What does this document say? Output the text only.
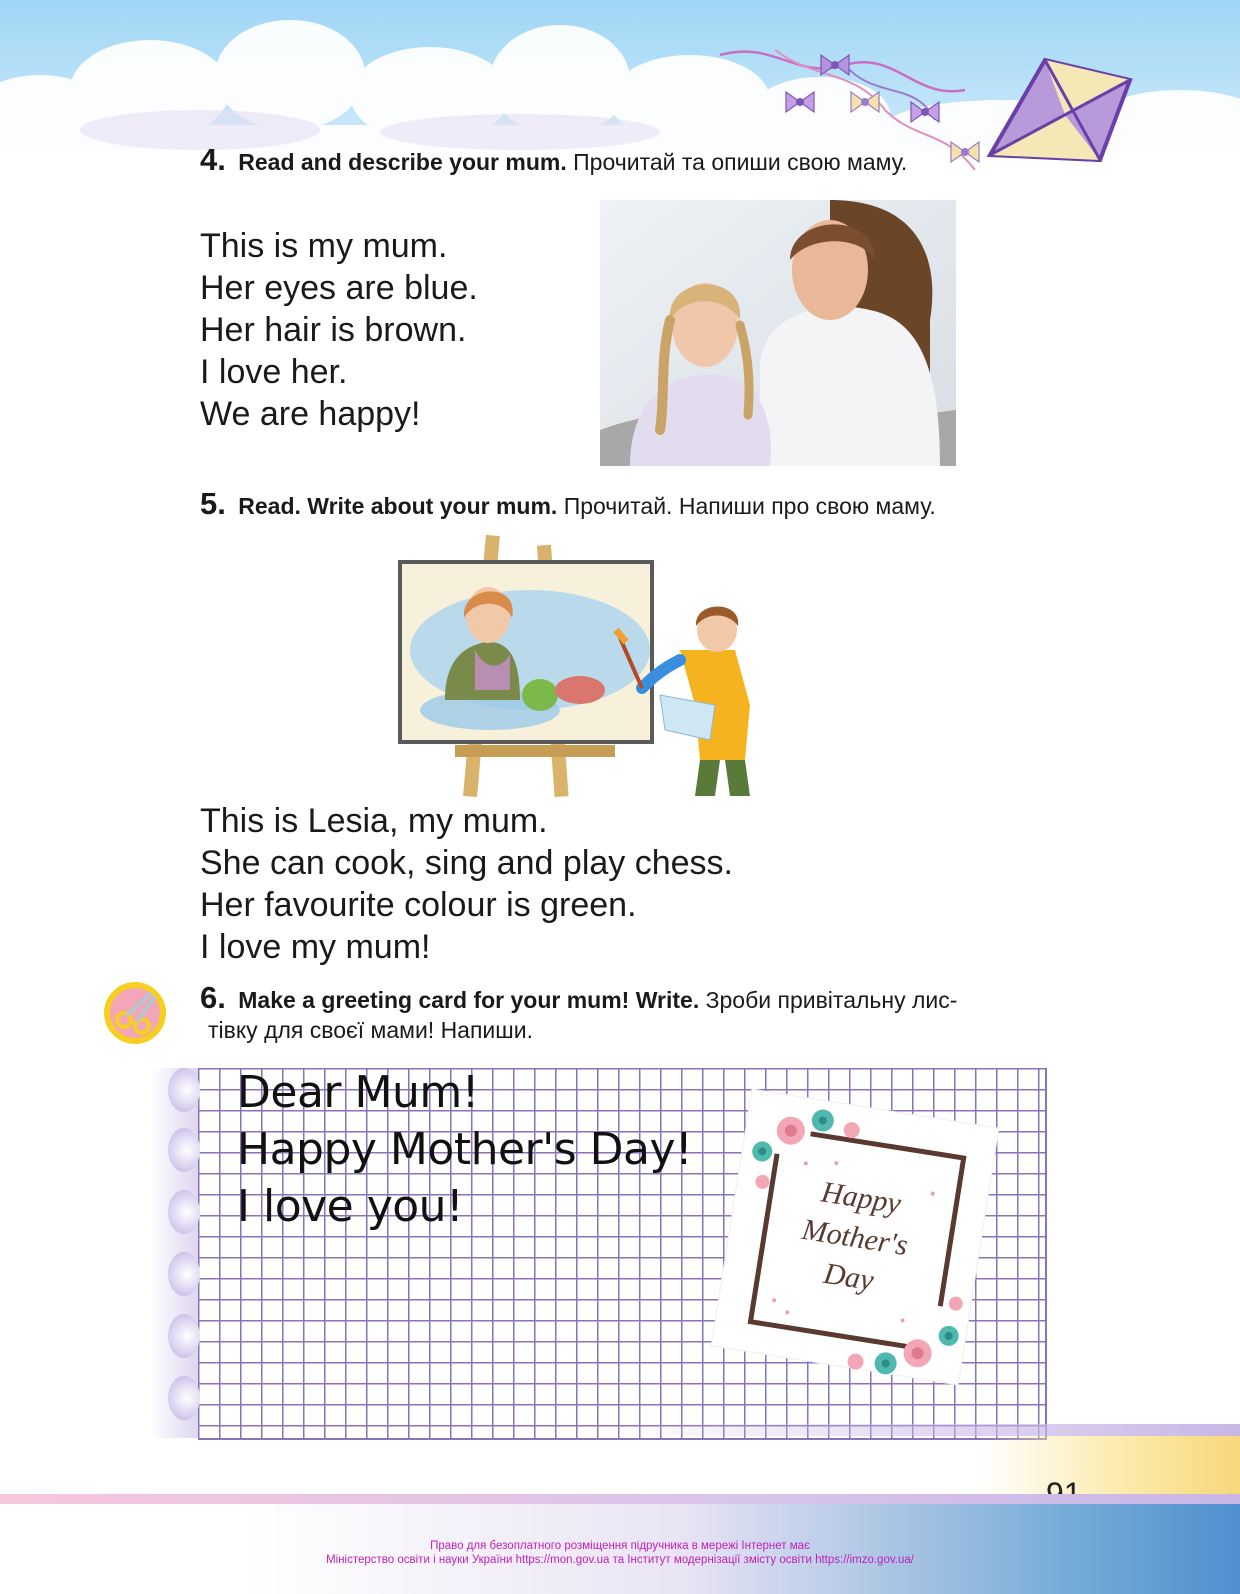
4. Read and describe your mum. Прочитай та опиши свою маму.
This is my mum.
Her eyes are blue.
Her hair is brown.
I love her.
We are happy!
5. Read. Write about your mum. Прочитай. Напиши про свою маму.
This is Lesia, my mum.
She can cook, sing and play chess.
Her favourite colour is green.
I love my mum!
6. Make a greeting card for your mum! Write. Зроби привітальну лис-
тівку для своєї мами! Напиши.
Dear Mum!
Happy Mother's Day!
I love you!	Happy
Mother's
Day
Право для безоплатного розміщення підручника в мережі Інтернет має
Міністерство освіти і науки України https://mon.gov.ua та Інститут модернізації змісту освіти https://imzo.gov.ua/
